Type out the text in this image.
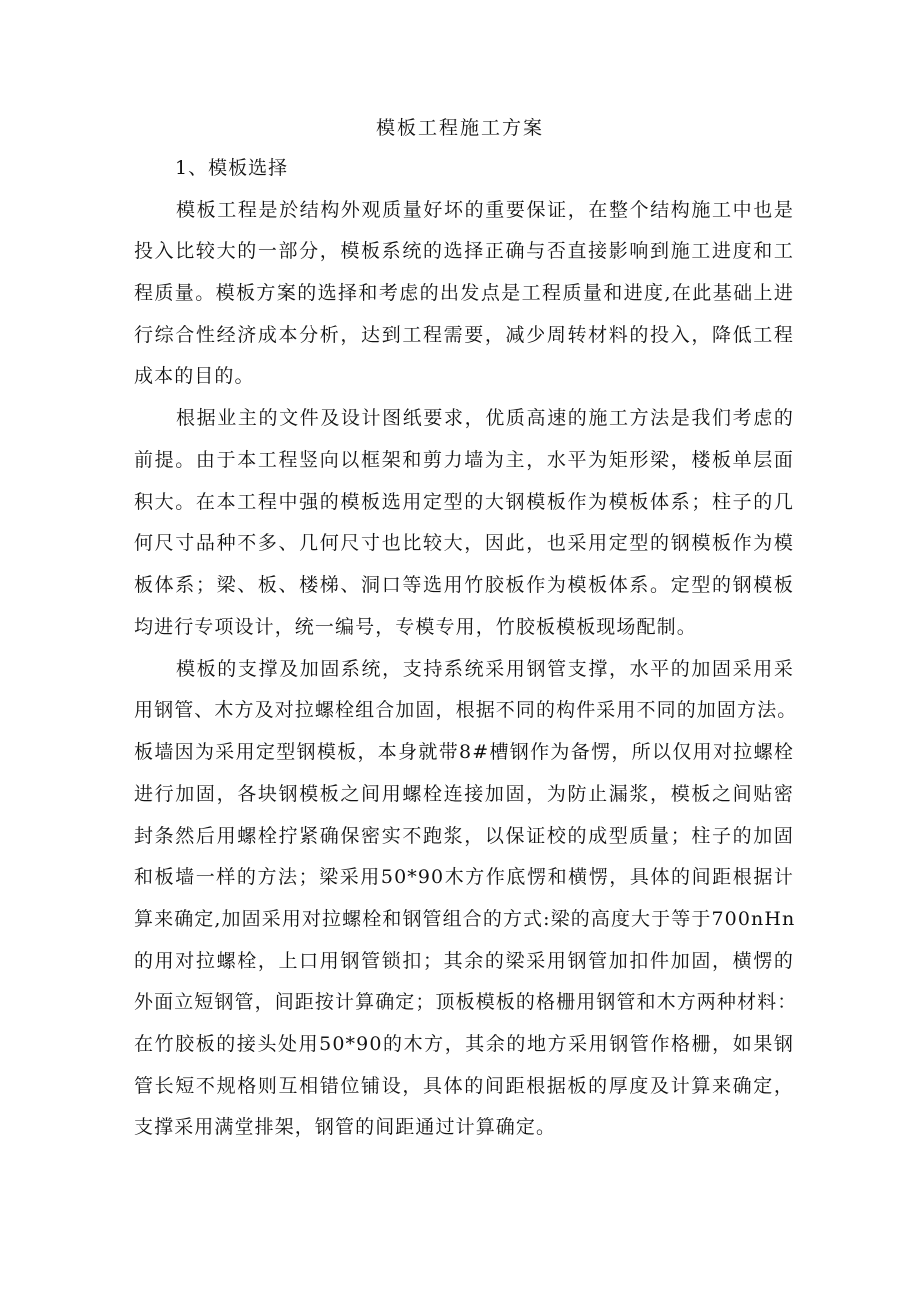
模板工程施工方案
1、模板选择
模板工程是於结构外观质量好坏的重要保证，在整个结构施工中也是
投入比较大的一部分，模板系统的选择正确与否直接影响到施工进度和工
程质量。模板方案的选择和考虑的出发点是工程质量和进度,在此基础上进
行综合性经济成本分析，达到工程需要，减少周转材料的投入，降低工程
成本的目的。
根据业主的文件及设计图纸要求，优质高速的施工方法是我们考虑的
前提。由于本工程竖向以框架和剪力墙为主，水平为矩形梁，楼板单层面
积大。在本工程中强的模板选用定型的大钢模板作为模板体系；柱子的几
何尺寸品种不多、几何尺寸也比较大，因此，也采用定型的钢模板作为模
板体系；梁、板、楼梯、洞口等选用竹胶板作为模板体系。定型的钢模板
均进行专项设计，统一编号，专模专用，竹胶板模板现场配制。
模板的支撑及加固系统，支持系统采用钢管支撑，水平的加固采用采
用钢管、木方及对拉螺栓组合加固，根据不同的构件采用不同的加固方法。
板墙因为采用定型钢模板，本身就带8#槽钢作为备愣，所以仅用对拉螺栓
进行加固，各块钢模板之间用螺栓连接加固，为防止漏浆，模板之间贴密
封条然后用螺栓拧紧确保密实不跑浆，以保证校的成型质量；柱子的加固
和板墙一样的方法；梁采用50*90木方作底愣和横愣，具体的间距根据计
算来确定,加固采用对拉螺栓和钢管组合的方式:梁的高度大于等于700nHn
的用对拉螺栓，上口用钢管锁扣；其余的梁采用钢管加扣件加固，横愣的
外面立短钢管，间距按计算确定；顶板模板的格栅用钢管和木方两种材料：
在竹胶板的接头处用50*90的木方，其余的地方采用钢管作格栅，如果钢
管长短不规格则互相错位铺设，具体的间距根据板的厚度及计算来确定，
支撑采用满堂排架，钢管的间距通过计算确定。
